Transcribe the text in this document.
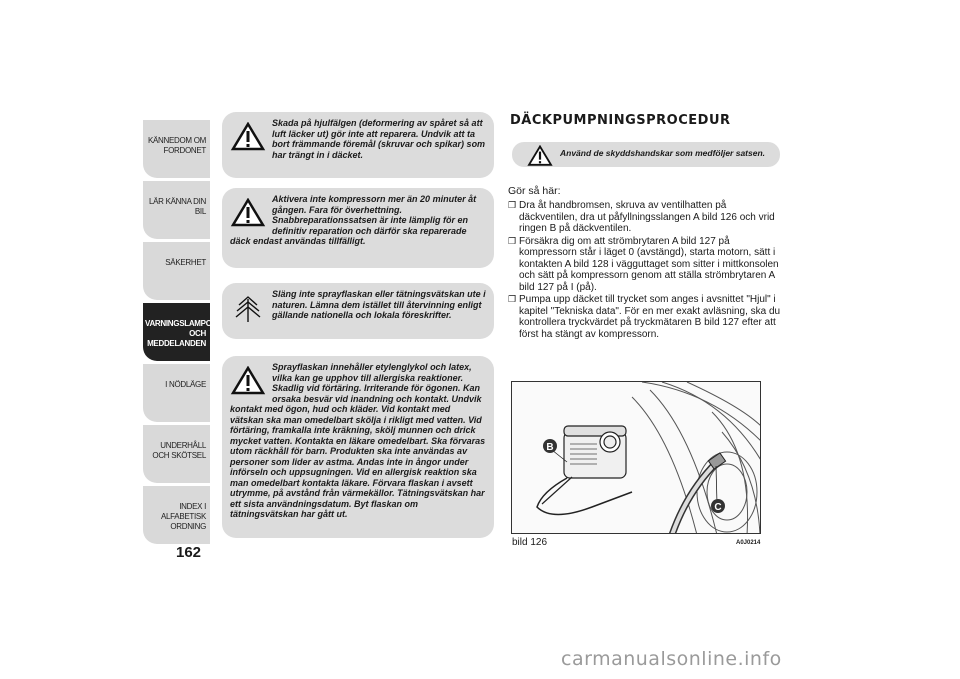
KÄNNEDOM OM FORDONET
LÄR KÄNNA DIN BIL
SÄKERHET
VARNINGSLAMPOR OCH MEDDELANDEN
I NÖDLÄGE
UNDERHÅLL OCH SKÖTSEL
INDEX I ALFABETISK ORDNING
162

Skada på hjulfälgen (deformering av spåret så att luft läcker ut) gör inte att reparera. Undvik att ta bort främmande föremål (skruvar och spikar) som har trängt in i däcket.

Aktivera inte kompressorn mer än 20 minuter åt gången. Fara för överhettning. Snabbreparationssatsen är inte lämplig för en definitiv reparation och därför ska reparerade däck endast användas tillfälligt.

Släng inte sprayflaskan eller tätningsvätskan ute i naturen. Lämna dem istället till återvinning enligt gällande nationella och lokala föreskrifter.

Sprayflaskan innehåller etylenglykol och latex, vilka kan ge upphov till allergiska reaktioner. Skadlig vid förtäring. Irriterande för ögonen. Kan orsaka besvär vid inandning och kontakt. Undvik kontakt med ögon, hud och kläder. Vid kontakt med vätskan ska man omedelbart skölja i rikligt med vatten. Vid förtäring, framkalla inte kräkning, skölj munnen och drick mycket vatten. Kontakta en läkare omedelbart. Ska förvaras utom räckhåll för barn. Produkten ska inte användas av personer som lider av astma. Andas inte in ångor under införseln och uppsugningen. Vid en allergisk reaktion ska man omedelbart kontakta läkare. Förvara flaskan i avsett utrymme, på avstånd från värmekällor. Tätningsvätskan har ett sista användningsdatum. Byt flaskan om tätningsvätskan har gått ut.

DÄCKPUMPNINGSPROCEDUR
Använd de skyddshandskar som medföljer satsen.
Gör så här:
❒ Dra åt handbromsen, skruva av ventilhatten på däckventilen, dra ut påfyllningsslangen A bild 126 och vrid ringen B på däckventilen.
❒ Försäkra dig om att strömbrytaren A bild 127 på kompressorn står i läget 0 (avstängd), starta motorn, sätt i kontakten A bild 128 i vägguttaget som sitter i mittkonsolen och sätt på kompressorn genom att ställa strömbrytaren A bild 127 på I (på).
❒ Pumpa upp däcket till trycket som anges i avsnittet "Hjul" i kapitel "Tekniska data". För en mer exakt avläsning, ska du kontrollera tryckvärdet på tryckmätaren B bild 127 efter att först ha stängt av kompressorn.
B
C
bild 126	A0J0214
carmanualsonline.info
